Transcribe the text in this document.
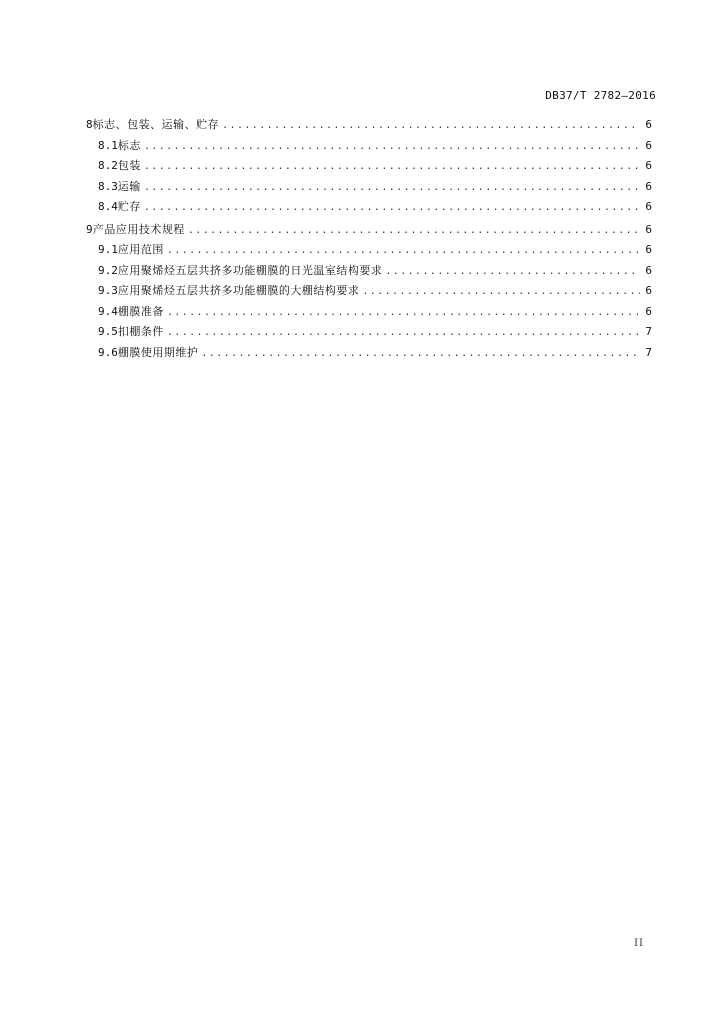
DB37/T 2782—2016
8 标志、包装、运输、贮存 .....	6
8.1 标志 .....	6
8.2 包装 .....	6
8.3 运输 .....	6
8.4 贮存 .....	6
9 产品应用技术规程 .....	6
9.1 应用范围 .....	6
9.2 应用聚烯烃五层共挤多功能棚膜的日光温室结构要求 .....	6
9.3 应用聚烯烃五层共挤多功能棚膜的大棚结构要求 .....	6
9.4 棚膜准备 .....	6
9.5 扣棚条件 .....	7
9.6 棚膜使用期维护 .....	7
II
